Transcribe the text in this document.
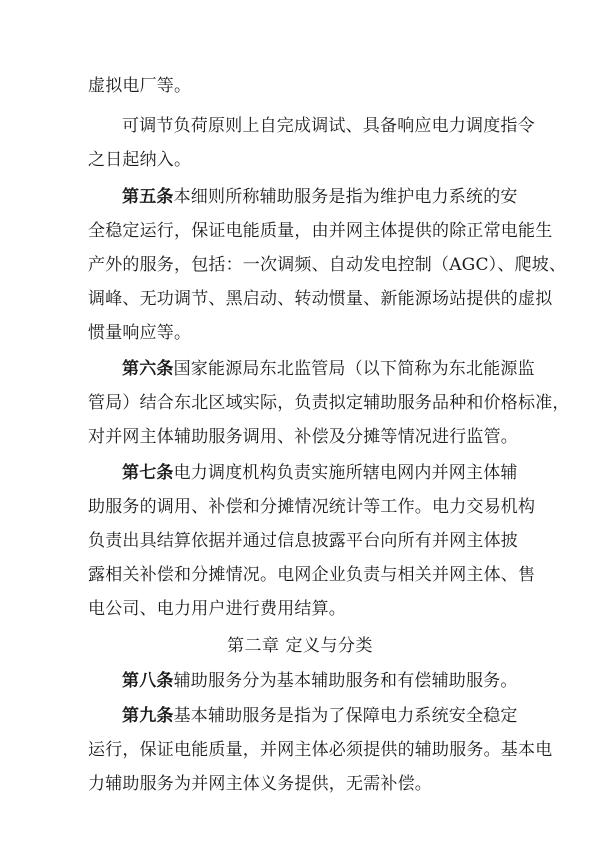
虚拟电厂等。
可调节负荷原则上自完成调试、具备响应电力调度指令
之日起纳入。
第五条本细则所称辅助服务是指为维护电力系统的安
全稳定运行，保证电能质量，由并网主体提供的除正常电能生
产外的服务，包括：一次调频、自动发电控制（AGC）、爬坡、
调峰、无功调节、黑启动、转动惯量、新能源场站提供的虚拟
惯量响应等。
第六条国家能源局东北监管局（以下简称为东北能源监
管局）结合东北区域实际，负责拟定辅助服务品种和价格标准，
对并网主体辅助服务调用、补偿及分摊等情况进行监管。
第七条电力调度机构负责实施所辖电网内并网主体辅
助服务的调用、补偿和分摊情况统计等工作。电力交易机构
负责出具结算依据并通过信息披露平台向所有并网主体披
露相关补偿和分摊情况。电网企业负责与相关并网主体、售
电公司、电力用户进行费用结算。
第二章 定义与分类
第八条辅助服务分为基本辅助服务和有偿辅助服务。
第九条基本辅助服务是指为了保障电力系统安全稳定
运行，保证电能质量，并网主体必须提供的辅助服务。基本电
力辅助服务为并网主体义务提供，无需补偿。
